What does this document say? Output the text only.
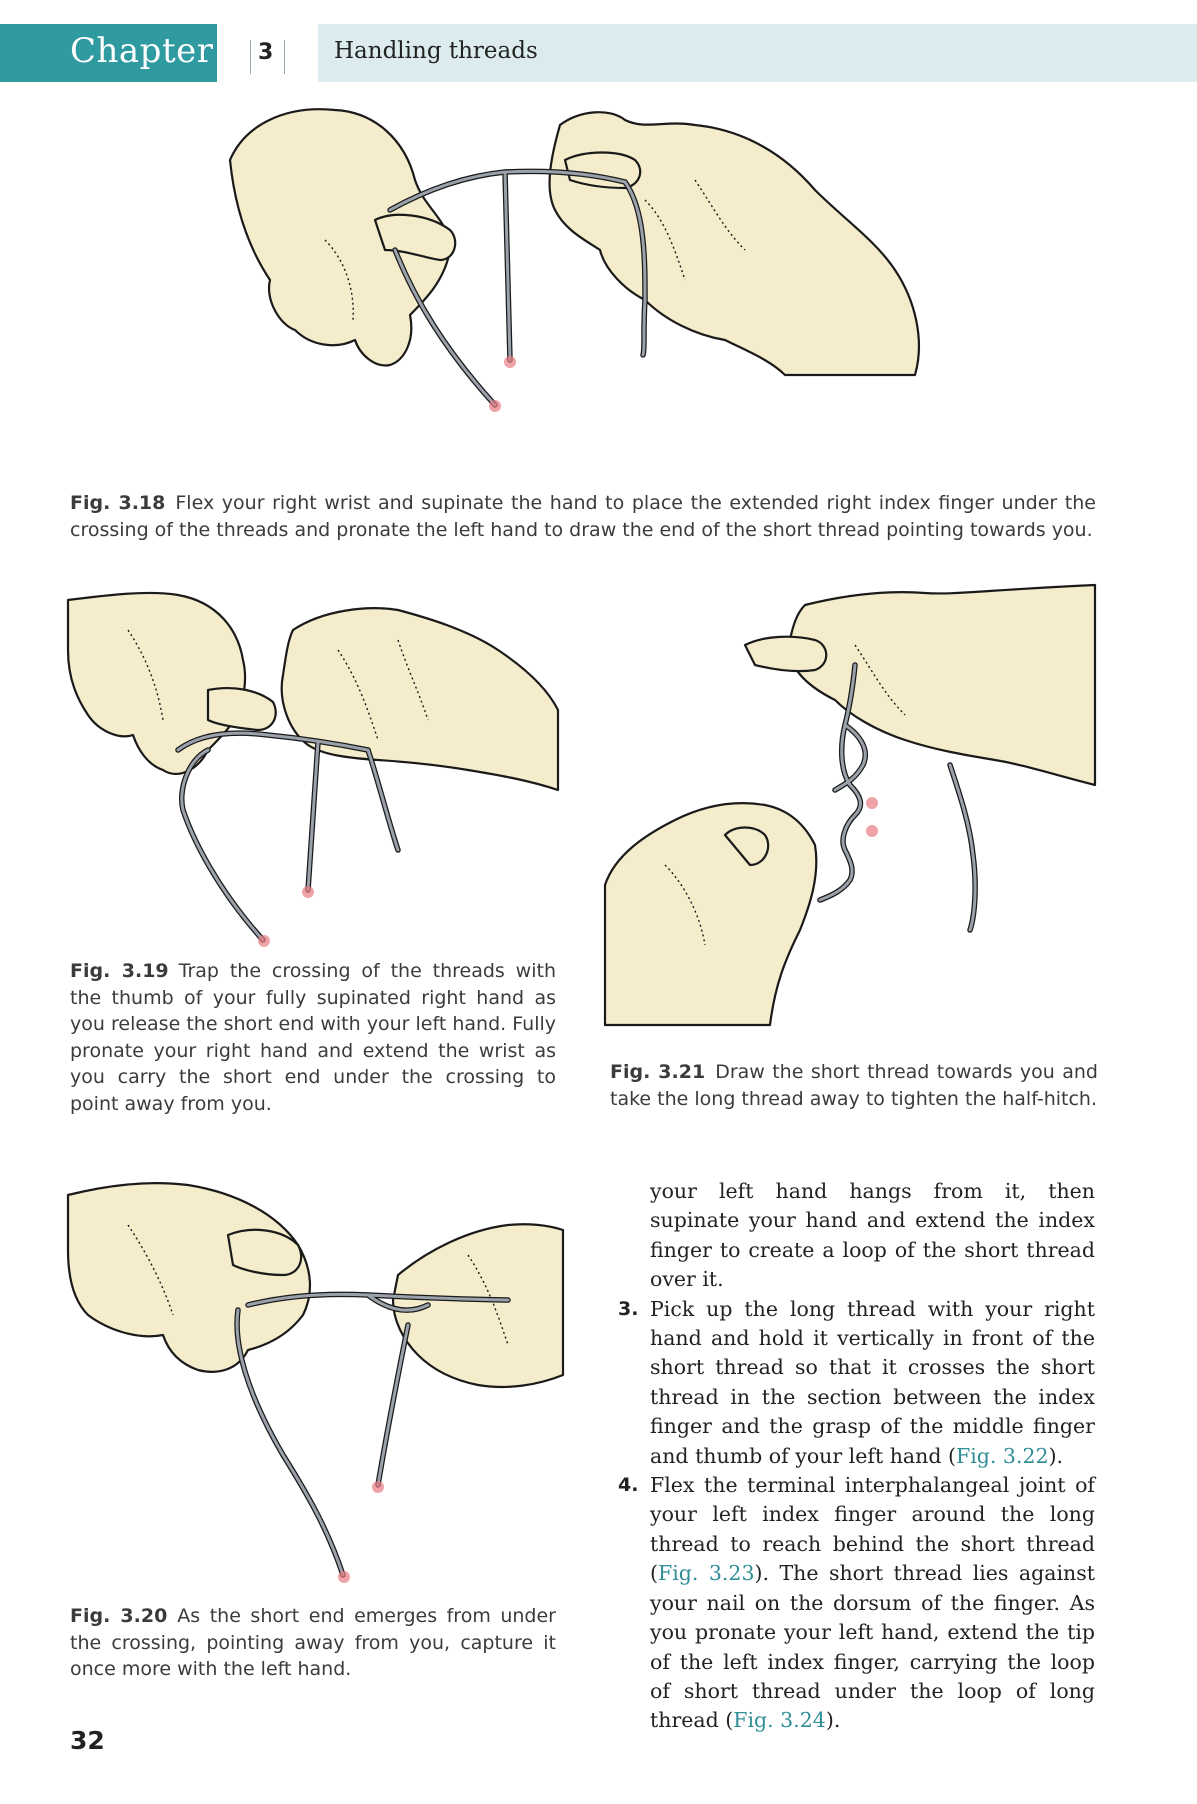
Chapter 3	Handling threads
Fig. 3.18 Flex your right wrist and supinate the hand to place the extended right index finger under the crossing of the threads and pronate the left hand to draw the end of the short thread pointing towards you.
Fig. 3.19 Trap the crossing of the threads with the thumb of your fully supinated right hand as you release the short end with your left hand. Fully pronate your right hand and extend the wrist as you carry the short end under the crossing to point away from you.
Fig. 3.21 Draw the short thread towards you and take the long thread away to tighten the half-hitch.
Fig. 3.20 As the short end emerges from under the crossing, pointing away from you, capture it once more with the left hand.

your left hand hangs from it, then supinate your hand and extend the index finger to create a loop of the short thread over it.

3. Pick up the long thread with your right hand and hold it vertically in front of the short thread so that it crosses the short thread in the section between the index finger and the grasp of the middle finger and thumb of your left hand (Fig. 3.22).

4. Flex the terminal interphalangeal joint of your left index finger around the long thread to reach behind the short thread (Fig. 3.23). The short thread lies against your nail on the dorsum of the finger. As you pronate your left hand, extend the tip of the left index finger, carrying the loop of short thread under the loop of long thread (Fig. 3.24).

32
